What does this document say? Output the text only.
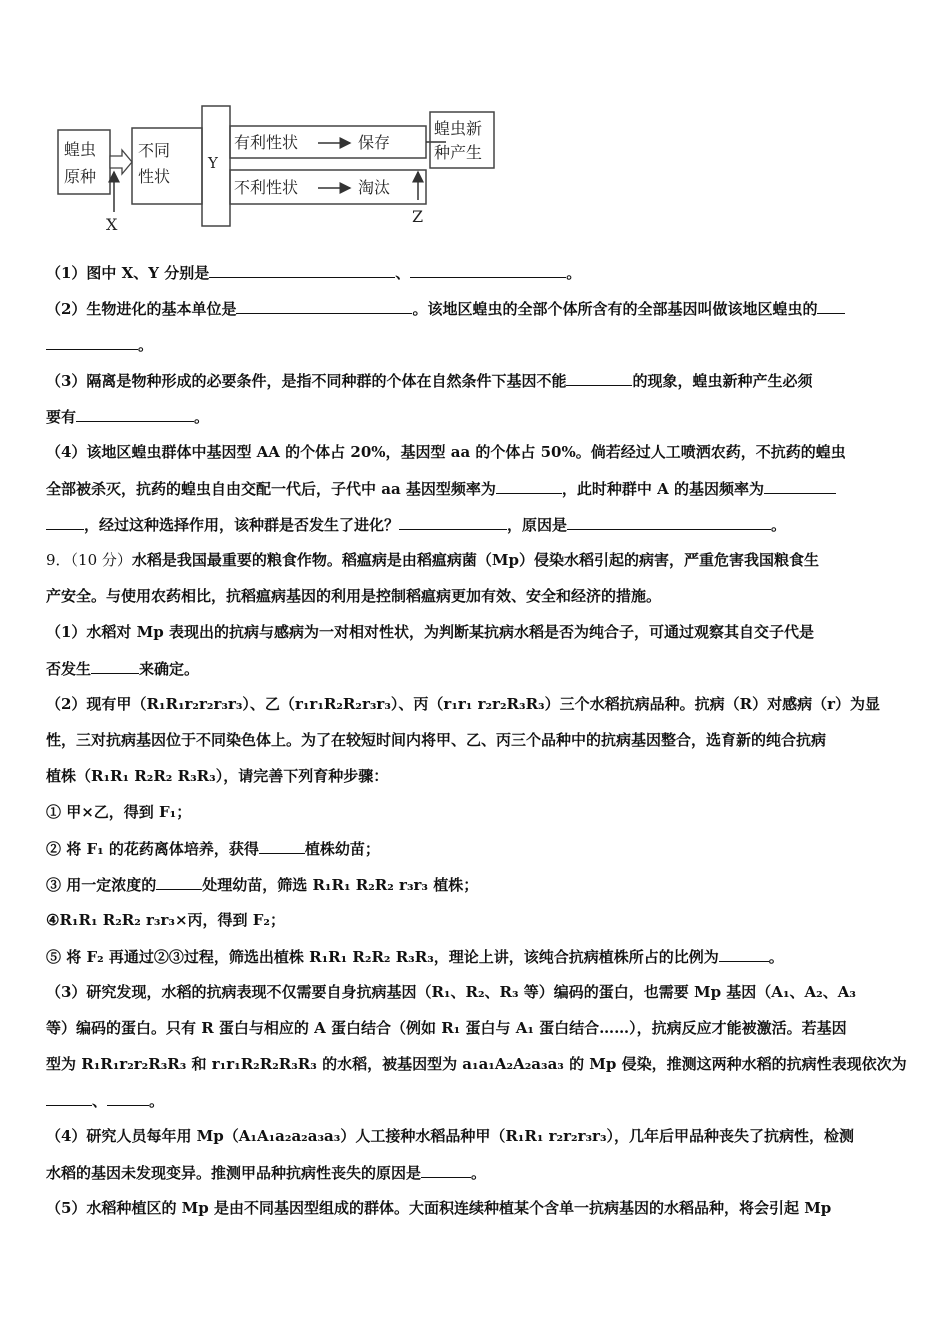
蝗虫
原种
X
不同
性状
Y
有利性状	保存
不利性状	淘汰
蝗虫新
种产生
Z
（1）图中 X、Y 分别是	、	。
（2）生物进化的基本单位是	。该地区蝗虫的全部个体所含有的全部基因叫做该地区蝗虫的
。
（3）隔离是物种形成的必要条件，是指不同种群的个体在自然条件下基因不能	的现象，蝗虫新种产生必须
要有	。
（4）该地区蝗虫群体中基因型 AA 的个体占 20%，基因型 aa 的个体占 50%。倘若经过人工喷洒农药，不抗药的蝗虫
全部被杀灭，抗药的蝗虫自由交配一代后，子代中 aa 基因型频率为	，此时种群中 A 的基因频率为
，经过这种选择作用，该种群是否发生了进化？	，原因是	。
9．（10 分）水稻是我国最重要的粮食作物。稻瘟病是由稻瘟病菌（Mp）侵染水稻引起的病害，严重危害我国粮食生
产安全。与使用农药相比，抗稻瘟病基因的利用是控制稻瘟病更加有效、安全和经济的措施。
（1）水稻对 Mp 表现出的抗病与感病为一对相对性状，为判断某抗病水稻是否为纯合子，可通过观察其自交子代是
否发生	来确定。
（2）现有甲（R₁R₁r₂r₂r₃r₃）、乙（r₁r₁R₂R₂r₃r₃）、丙（r₁r₁ r₂r₂R₃R₃）三个水稻抗病品种。抗病（R）对感病（r）为显
性，三对抗病基因位于不同染色体上。为了在较短时间内将甲、乙、丙三个品种中的抗病基因整合，选育新的纯合抗病
植株（R₁R₁ R₂R₂ R₃R₃），请完善下列育种步骤：
① 甲×乙，得到 F₁；
② 将 F₁ 的花药离体培养，获得	植株幼苗；
③ 用一定浓度的	处理幼苗，筛选 R₁R₁ R₂R₂ r₃r₃ 植株；
④R₁R₁ R₂R₂ r₃r₃×丙，得到 F₂；
⑤ 将 F₂ 再通过②③过程，筛选出植株 R₁R₁ R₂R₂ R₃R₃，理论上讲，该纯合抗病植株所占的比例为	。
（3）研究发现，水稻的抗病表现不仅需要自身抗病基因（R₁、R₂、R₃ 等）编码的蛋白，也需要 Mp 基因（A₁、A₂、A₃
等）编码的蛋白。只有 R 蛋白与相应的 A 蛋白结合（例如 R₁ 蛋白与 A₁ 蛋白结合……），抗病反应才能被激活。若基因
型为 R₁R₁r₂r₂R₃R₃ 和 r₁r₁R₂R₂R₃R₃ 的水稻，被基因型为 a₁a₁A₂A₂a₃a₃ 的 Mp 侵染，推测这两种水稻的抗病性表现依次为
、	。
（4）研究人员每年用 Mp（A₁A₁a₂a₂a₃a₃）人工接种水稻品种甲（R₁R₁ r₂r₂r₃r₃），几年后甲品种丧失了抗病性，检测
水稻的基因未发现变异。推测甲品种抗病性丧失的原因是	。
（5）水稻种植区的 Mp 是由不同基因型组成的群体。大面积连续种植某个含单一抗病基因的水稻品种，将会引起 Mp
